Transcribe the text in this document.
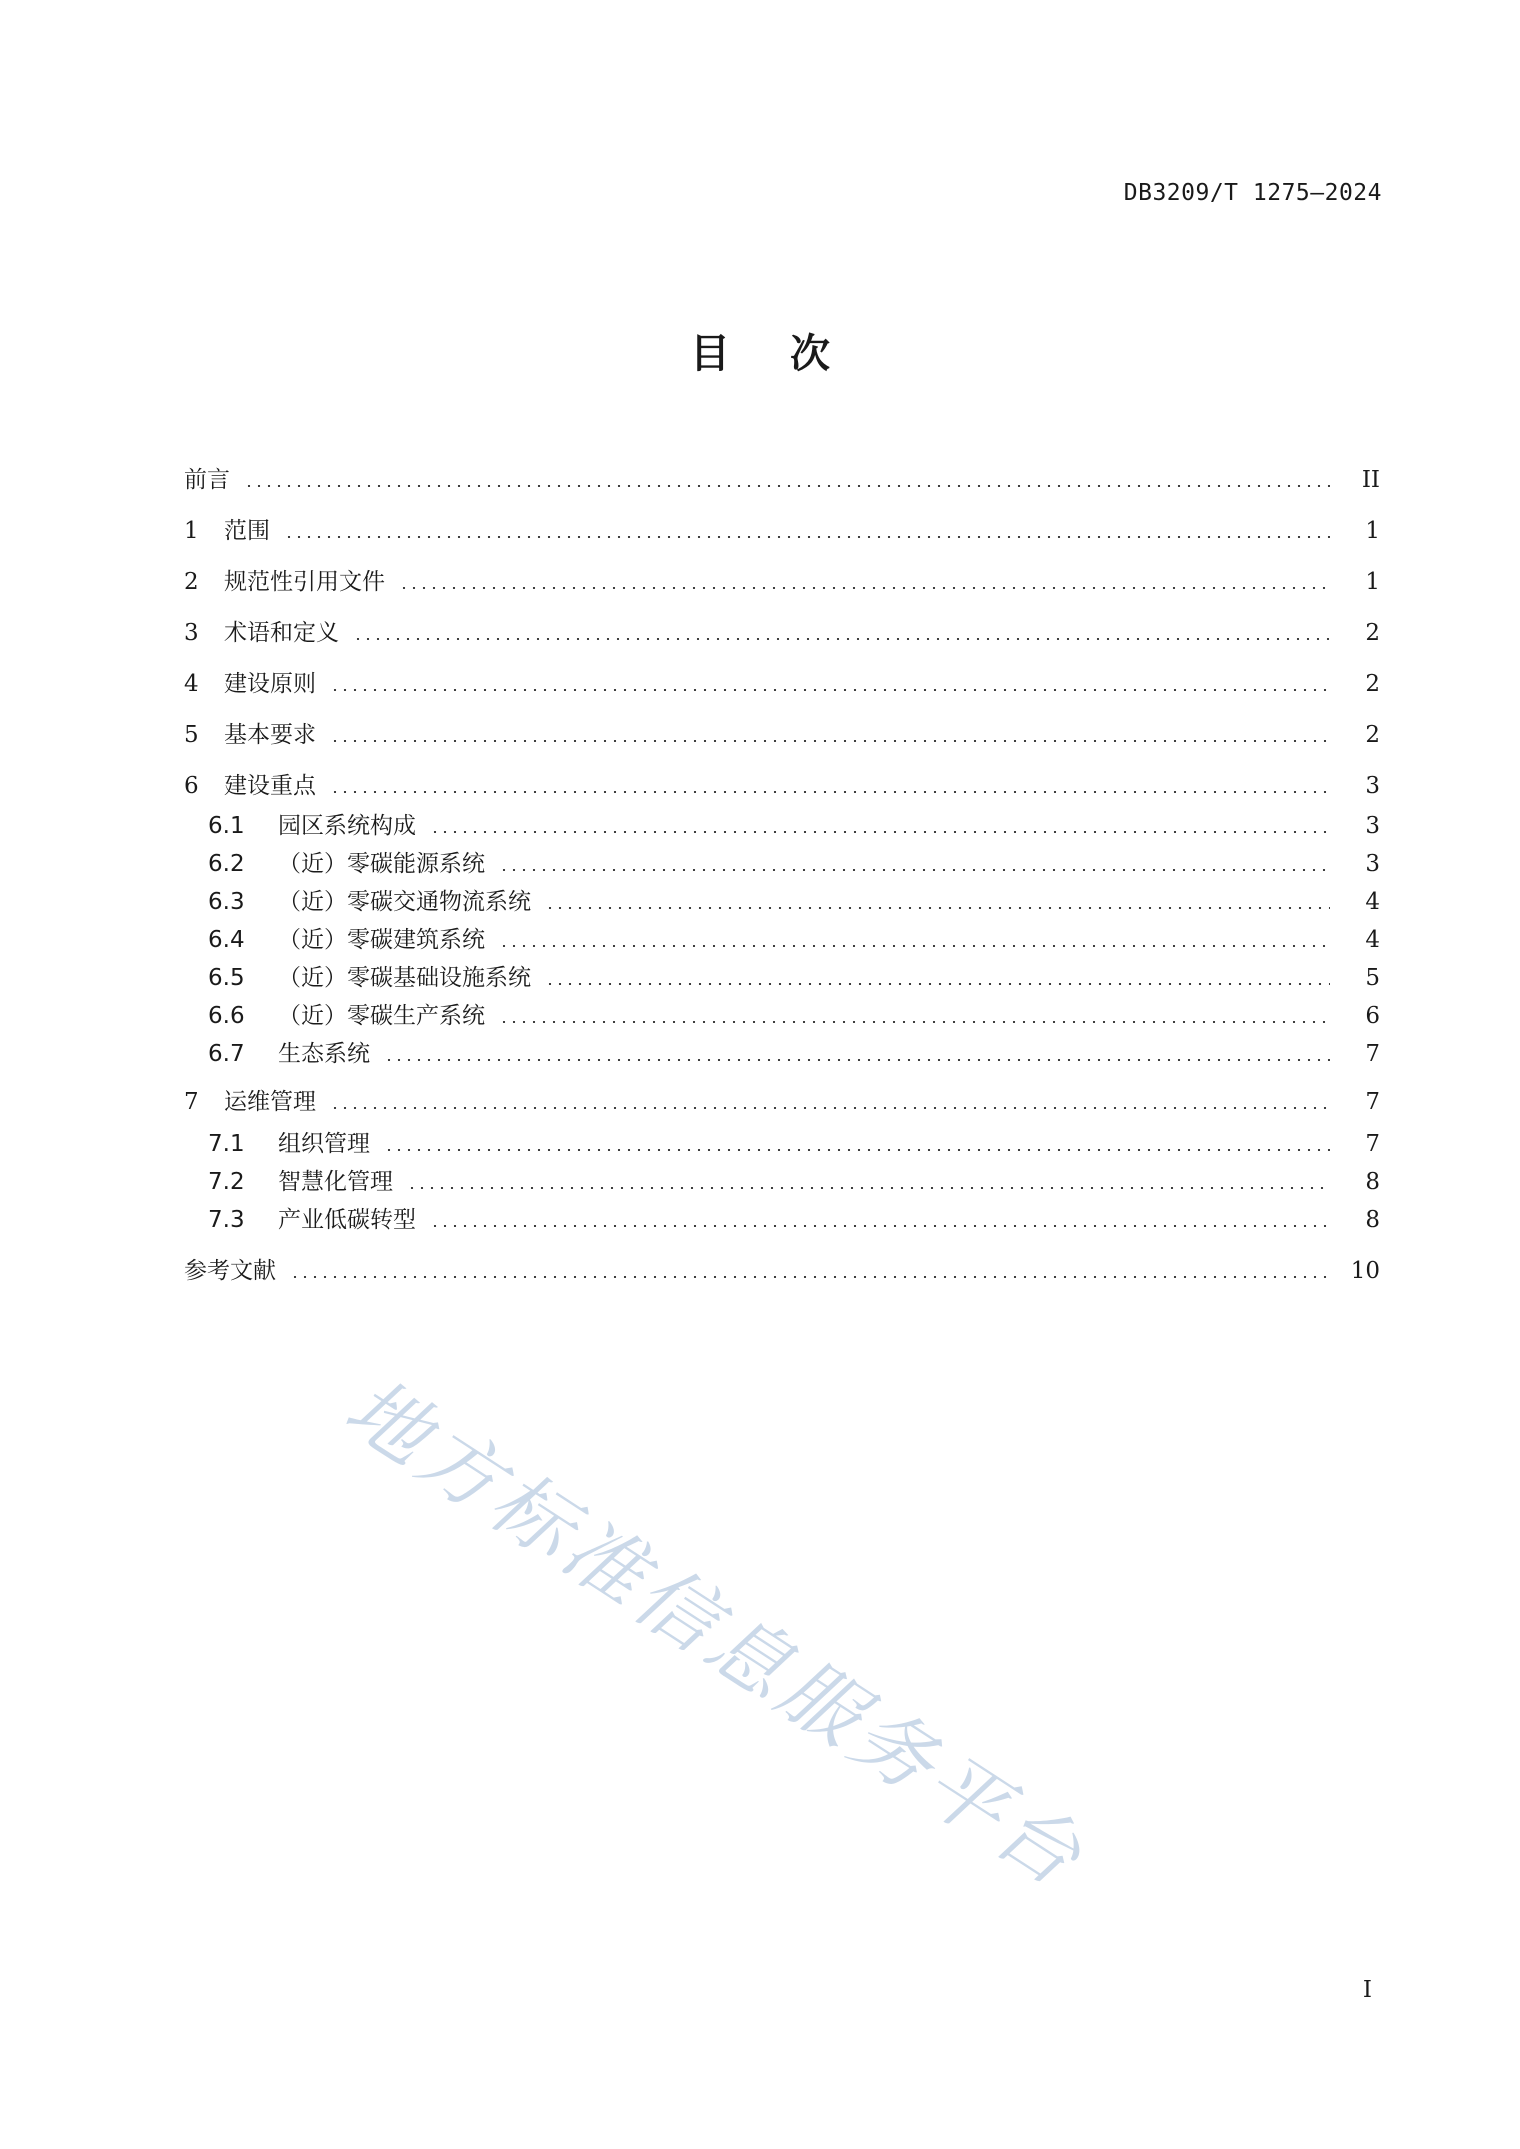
DB3209/T 1275—2024
目次
前言	II
1	范围	1
2	规范性引用文件	1
3	术语和定义	2
4	建设原则	2
5	基本要求	2
6	建设重点	3
6.1	园区系统构成	3
6.2	（近）零碳能源系统	3
6.3	（近）零碳交通物流系统	4
6.4	（近）零碳建筑系统	4
6.5	（近）零碳基础设施系统	5
6.6	（近）零碳生产系统	6
6.7	生态系统	7
7	运维管理	7
7.1	组织管理	7
7.2	智慧化管理	8
7.3	产业低碳转型	8
参考文献	10
地方标准信息服务平台
I
